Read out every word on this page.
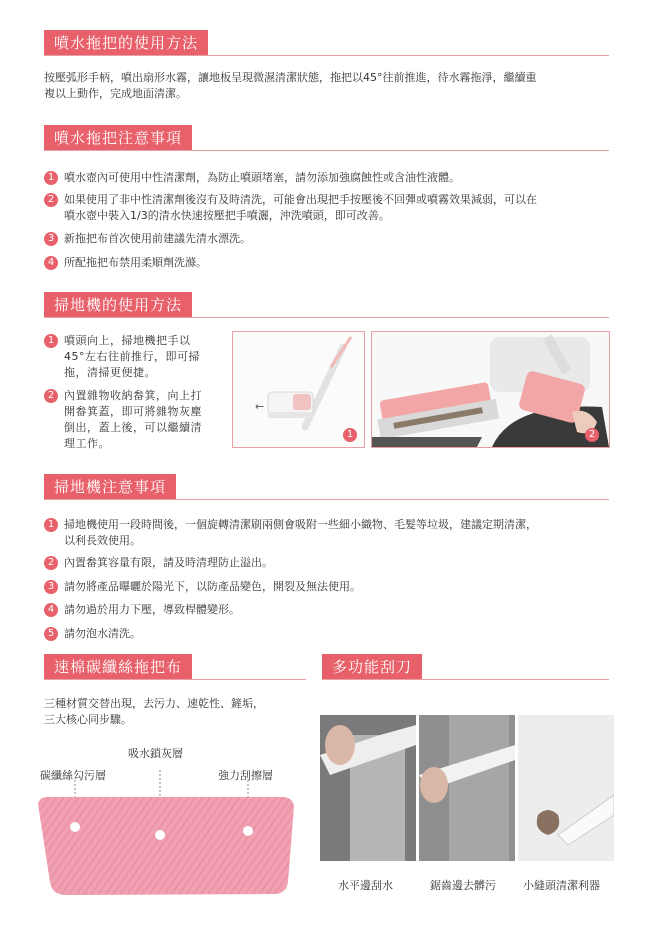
噴水拖把的使用方法
按壓弧形手柄，噴出扇形水霧，讓地板呈現微濕清潔狀態，拖把以45°往前推進，待水霧拖淨，繼續重
複以上動作，完成地面清潔。
噴水拖把注意事項
1 噴水壺內可使用中性清潔劑，為防止噴頭堵塞，請勿添加強腐蝕性或含油性液體。
2 如果使用了非中性清潔劑後沒有及時清洗，可能會出現把手按壓後不回彈或噴霧效果減弱，可以在
噴水壺中裝入1/3的清水快速按壓把手噴灑，沖洗噴頭，即可改善。
3 新拖把布首次使用前建議先清水漂洗。
4 所配拖把布禁用柔順劑洗滌。
掃地機的使用方法
1 噴頭向上，掃地機把手以
45°左右往前推行，即可掃
拖，清掃更便捷。
2 內置雜物收納畚箕，向上打
開畚箕蓋，即可將雜物灰塵
倒出，蓋上後，可以繼續清
理工作。
←
1	2
掃地機注意事項
1 掃地機使用一段時間後，一個旋轉清潔刷兩側會吸附一些細小織物、毛髮等垃圾，建議定期清潔，
以利長效使用。
2 內置畚箕容量有限，請及時清理防止溢出。
3 請勿將產品曝曬於陽光下，以防產品變色，開裂及無法使用。
4 請勿過於用力下壓，導致桿體變形。
5 請勿泡水清洗。
速棉碳纖絲拖把布
三種材質交替出現，去污力、速乾性、鏟垢，
三大核心同步驟。
吸水鎖灰層
碳纖絲勾污層	強力刮擦層
多功能刮刀
水平邊刮水	鋸齒邊去髒污 小縫頭清潔利器
